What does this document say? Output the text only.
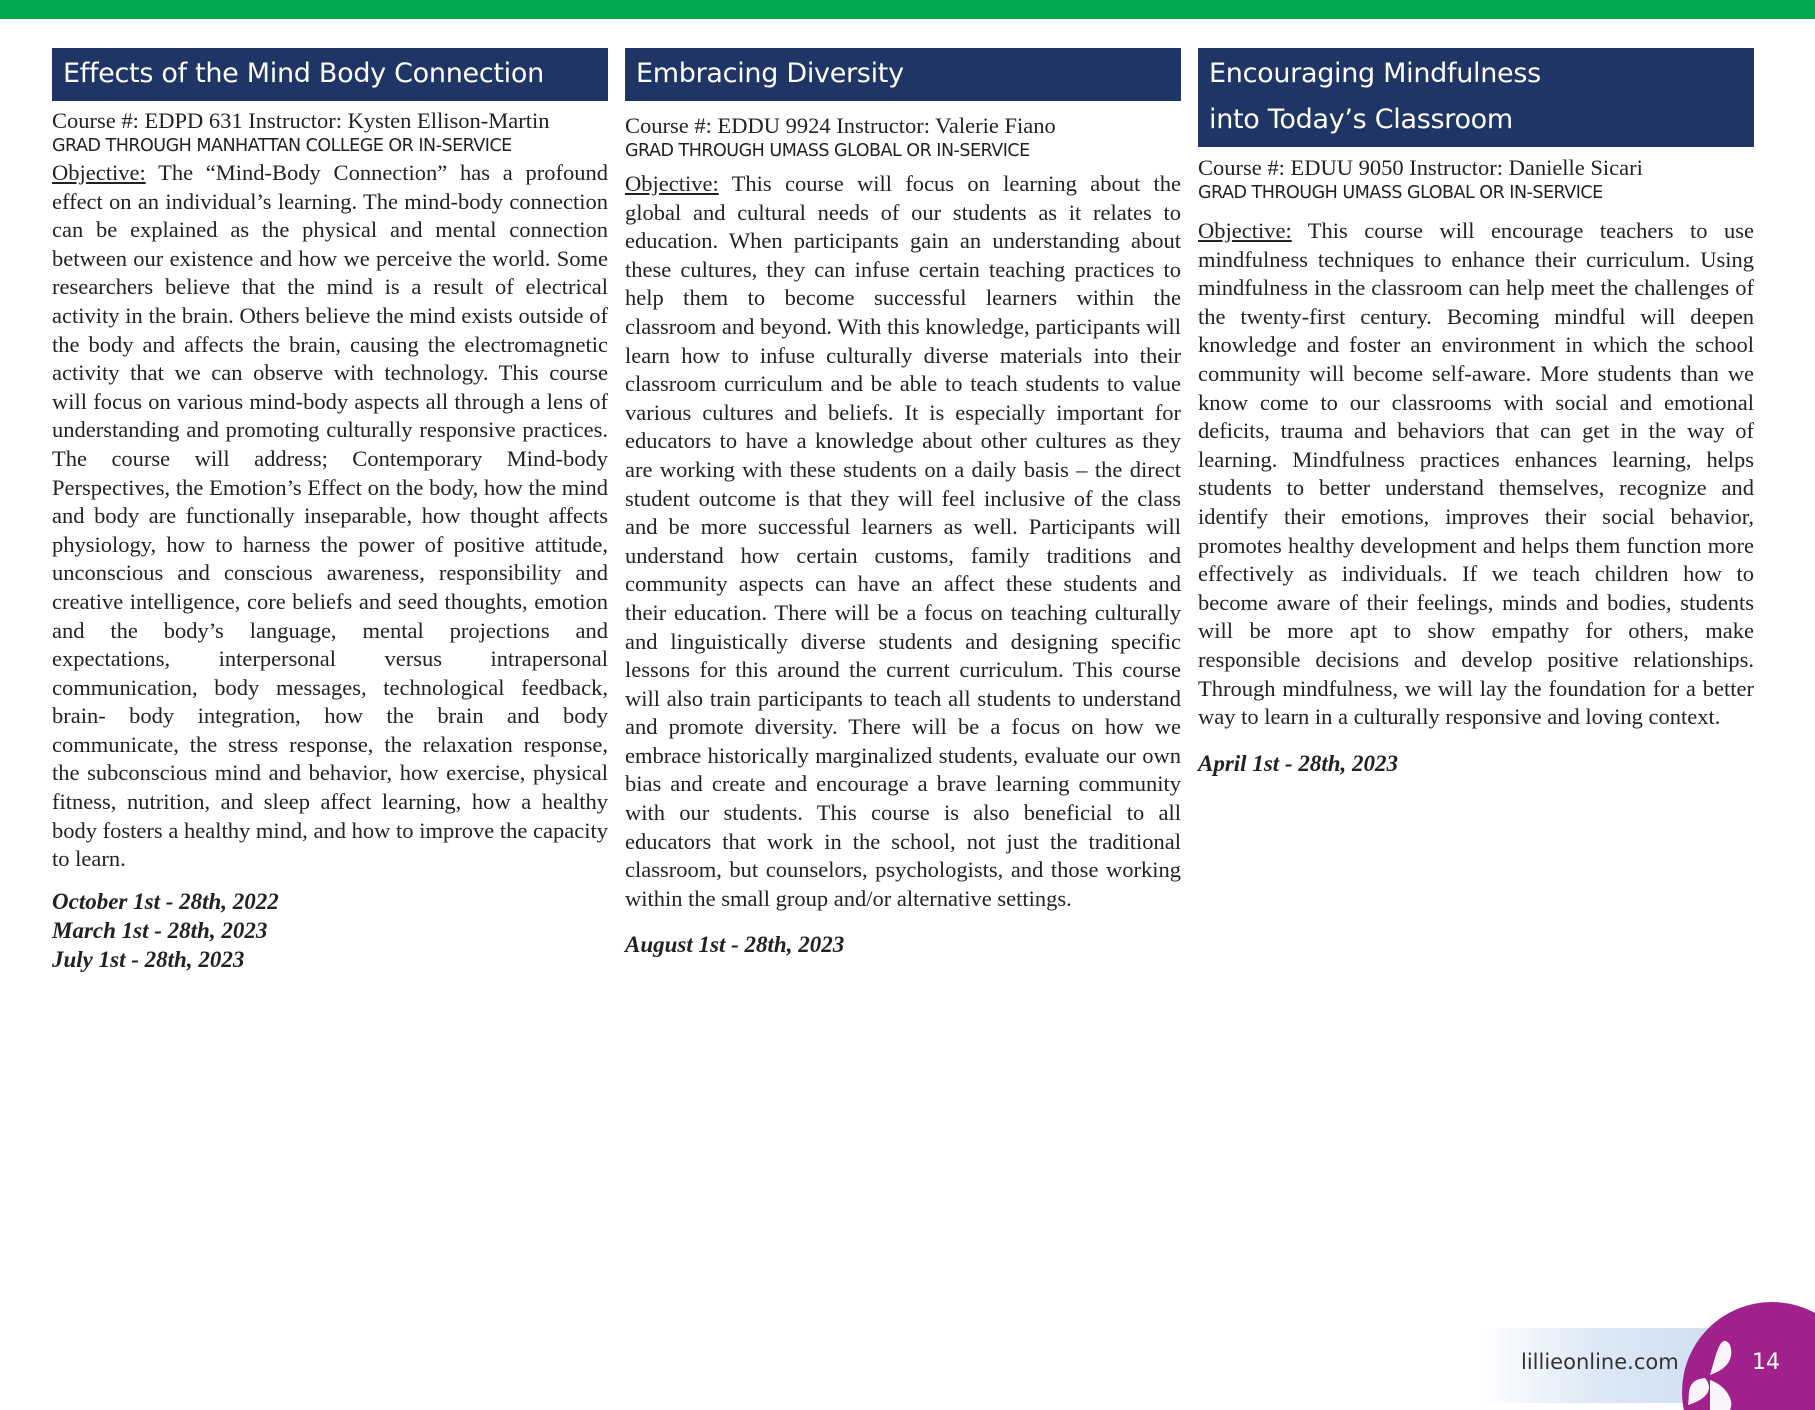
Effects of the Mind Body Connection
Course #: EDPD 631 Instructor: Kysten Ellison-Martin
GRAD THROUGH MANHATTAN COLLEGE OR IN-SERVICE
Objective: The “Mind-Body Connection” has a profound effect on an individual’s learning. The mind-body connection can be explained as the physical and mental connection between our existence and how we perceive the world. Some researchers believe that the mind is a result of electrical activity in the brain. Others believe the mind exists outside of the body and affects the brain, causing the electromagnetic activity that we can observe with technology. This course will focus on various mind-body aspects all through a lens of understanding and promoting culturally responsive practices. The course will address; Contemporary Mind-body Perspectives, the Emotion’s Effect on the body, how the mind and body are functionally inseparable, how thought affects physiology, how to harness the power of positive attitude, unconscious and conscious awareness, responsibility and creative intelligence, core beliefs and seed thoughts, emotion and the body’s language, mental projections and expectations, interpersonal versus intrapersonal communication, body messages, technological feedback, brain- body integration, how the brain and body communicate, the stress response, the relaxation response, the subconscious mind and behavior, how exercise, physical fitness, nutrition, and sleep affect learning, how a healthy body fosters a healthy mind, and how to improve the capacity to learn.
October 1st - 28th, 2022
March 1st - 28th, 2023
July 1st - 28th, 2023
Embracing Diversity
Course #: EDDU 9924 Instructor: Valerie Fiano
GRAD THROUGH UMASS GLOBAL OR IN-SERVICE
Objective: This course will focus on learning about the global and cultural needs of our students as it relates to education. When participants gain an understanding about these cultures, they can infuse certain teaching practices to help them to become successful learners within the classroom and beyond. With this knowledge, participants will learn how to infuse culturally diverse materials into their classroom curriculum and be able to teach students to value various cultures and beliefs. It is especially important for educators to have a knowledge about other cultures as they are working with these students on a daily basis – the direct student outcome is that they will feel inclusive of the class and be more successful learners as well. Participants will understand how certain customs, family traditions and community aspects can have an affect these students and their education. There will be a focus on teaching culturally and linguistically diverse students and designing specific lessons for this around the current curriculum. This course will also train participants to teach all students to understand and promote diversity. There will be a focus on how we embrace historically marginalized students, evaluate our own bias and create and encourage a brave learning community with our students. This course is also beneficial to all educators that work in the school, not just the traditional classroom, but counselors, psychologists, and those working within the small group and/or alternative settings.
August 1st - 28th, 2023
Encouraging Mindfulness
into Today’s Classroom
Course #: EDUU 9050 Instructor: Danielle Sicari
GRAD THROUGH UMASS GLOBAL OR IN-SERVICE
Objective: This course will encourage teachers to use mindfulness techniques to enhance their curriculum. Using mindfulness in the classroom can help meet the challenges of the twenty-first century. Becoming mindful will deepen knowledge and foster an environment in which the school community will become self-aware. More students than we know come to our classrooms with social and emotional deficits, trauma and behaviors that can get in the way of learning. Mindfulness practices enhances learning, helps students to better understand themselves, recognize and identify their emotions, improves their social behavior, promotes healthy development and helps them function more effectively as individuals. If we teach children how to become aware of their feelings, minds and bodies, students will be more apt to show empathy for others, make responsible decisions and develop positive relationships. Through mindfulness, we will lay the foundation for a better way to learn in a culturally responsive and loving context.
April 1st - 28th, 2023
lillieonline.com	14
